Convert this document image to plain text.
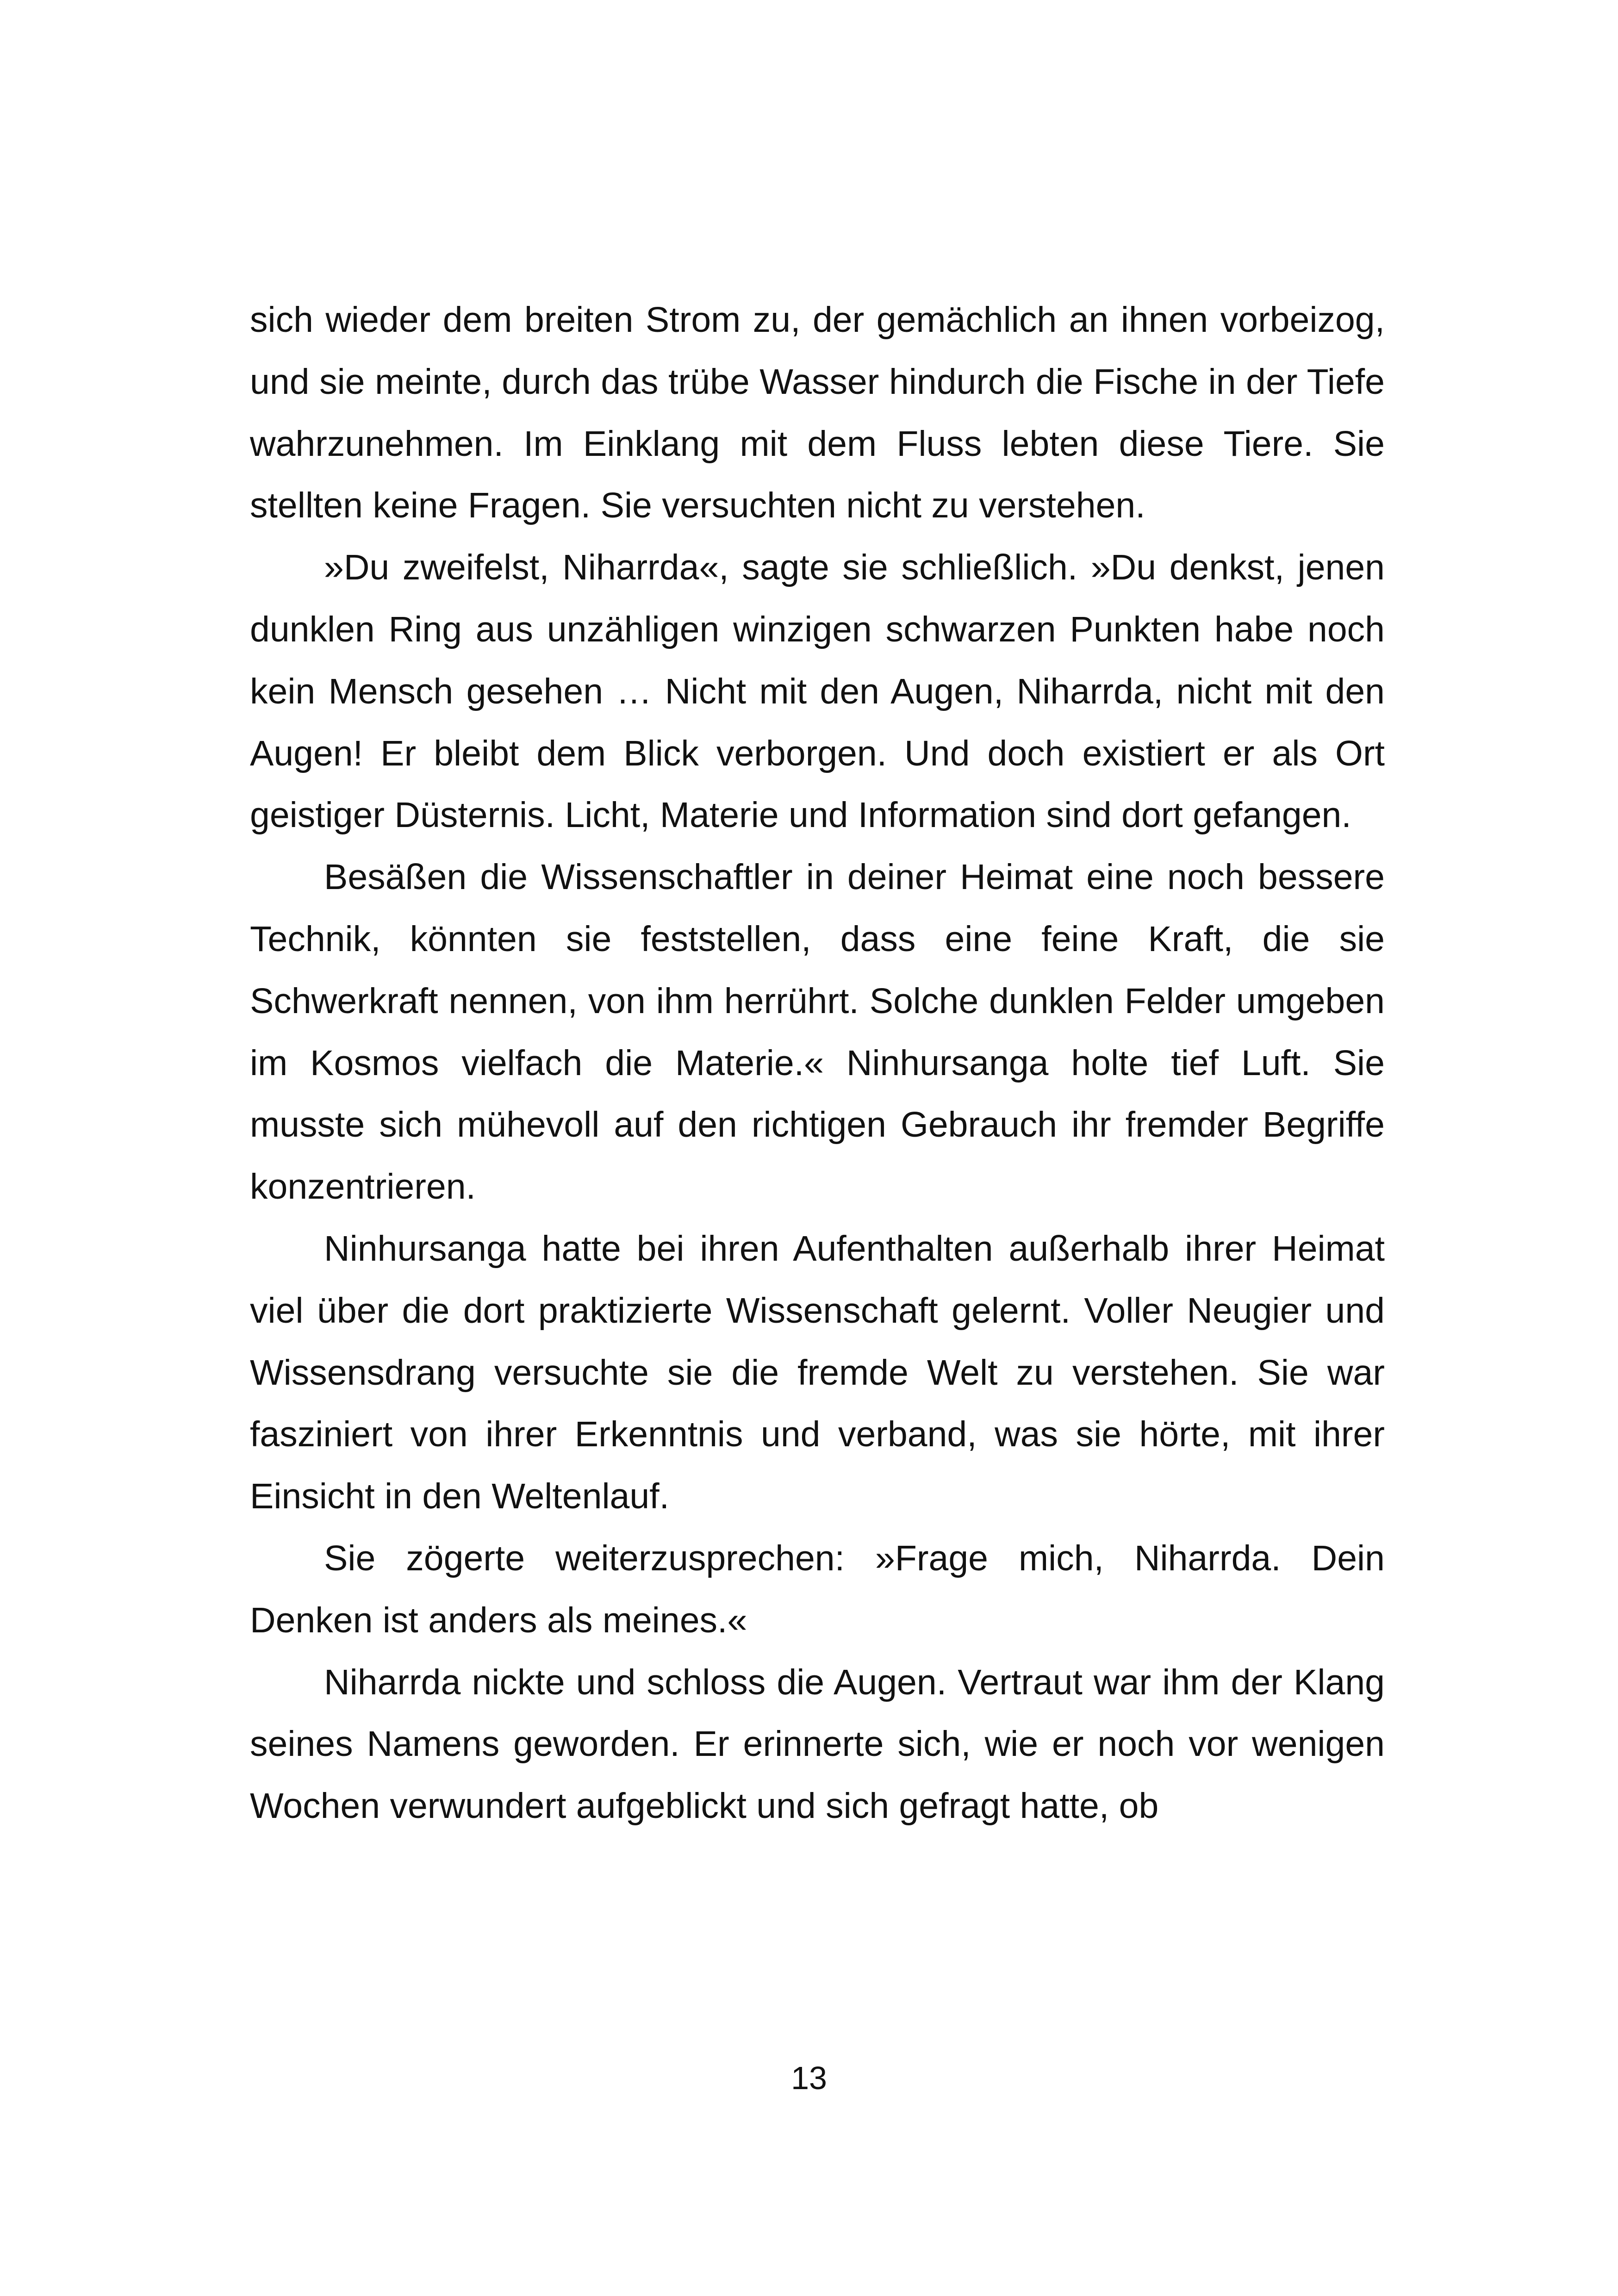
sich wieder dem breiten Strom zu, der gemächlich an ihnen vorbeizog, und sie meinte, durch das trübe Wasser hindurch die Fische in der Tiefe wahrzunehmen. Im Einklang mit dem Fluss lebten diese Tiere. Sie stellten keine Fragen. Sie versuchten nicht zu verstehen.

»Du zweifelst, Niharrda«, sagte sie schließlich. »Du denkst, jenen dunklen Ring aus unzähligen winzigen schwarzen Punkten habe noch kein Mensch gesehen … Nicht mit den Augen, Niharrda, nicht mit den Augen! Er bleibt dem Blick verborgen. Und doch existiert er als Ort geistiger Düsternis. Licht, Materie und Information sind dort gefangen.

Besäßen die Wissenschaftler in deiner Heimat eine noch bessere Technik, könnten sie feststellen, dass eine feine Kraft, die sie Schwerkraft nennen, von ihm herrührt. Solche dunklen Felder umgeben im Kosmos vielfach die Materie.« Ninhursanga holte tief Luft. Sie musste sich mühevoll auf den richtigen Gebrauch ihr fremder Begriffe konzentrieren.

Ninhursanga hatte bei ihren Aufenthalten außerhalb ihrer Heimat viel über die dort praktizierte Wissenschaft gelernt. Voller Neugier und Wissensdrang versuchte sie die fremde Welt zu verstehen. Sie war fasziniert von ihrer Erkenntnis und verband, was sie hörte, mit ihrer Einsicht in den Weltenlauf.

Sie zögerte weiterzusprechen: »Frage mich, Niharrda. Dein Denken ist anders als meines.«

Niharrda nickte und schloss die Augen. Vertraut war ihm der Klang seines Namens geworden. Er erinnerte sich, wie er noch vor wenigen Wochen verwundert aufgeblickt und sich gefragt hatte, ob

13
